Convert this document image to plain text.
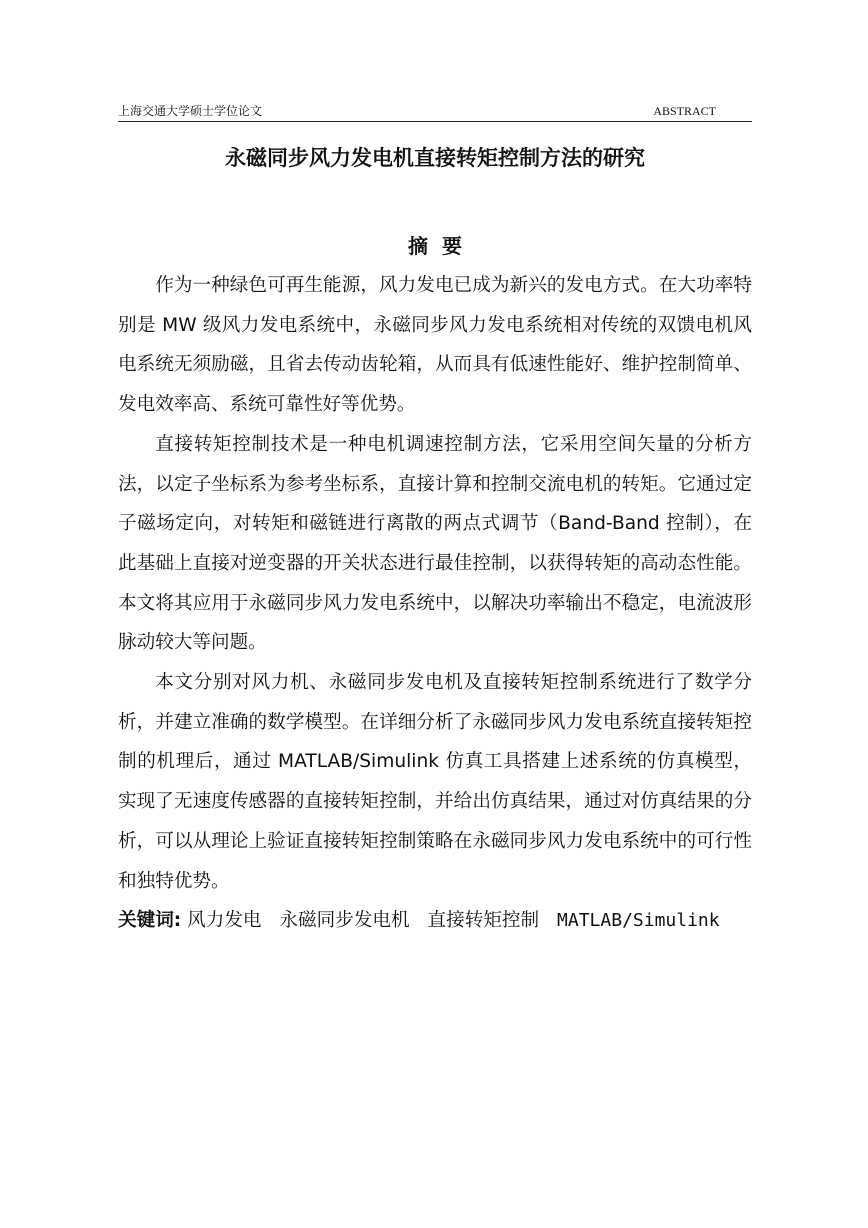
上海交通大学硕士学位论文	ABSTRACT
永磁同步风力发电机直接转矩控制方法的研究
摘要

作为一种绿色可再生能源，风力发电已成为新兴的发电方式。在大功率特别是 MW 级风力发电系统中，永磁同步风力发电系统相对传统的双馈电机风电系统无须励磁，且省去传动齿轮箱，从而具有低速性能好、维护控制简单、发电效率高、系统可靠性好等优势。

直接转矩控制技术是一种电机调速控制方法，它采用空间矢量的分析方法，以定子坐标系为参考坐标系，直接计算和控制交流电机的转矩。它通过定子磁场定向，对转矩和磁链进行离散的两点式调节（Band-Band 控制），在此基础上直接对逆变器的开关状态进行最佳控制，以获得转矩的高动态性能。本文将其应用于永磁同步风力发电系统中，以解决功率输出不稳定，电流波形脉动较大等问题。

本文分别对风力机、永磁同步发电机及直接转矩控制系统进行了数学分析，并建立准确的数学模型。在详细分析了永磁同步风力发电系统直接转矩控制的机理后，通过 MATLAB/Simulink 仿真工具搭建上述系统的仿真模型，实现了无速度传感器的直接转矩控制，并给出仿真结果，通过对仿真结果的分析，可以从理论上验证直接转矩控制策略在永磁同步风力发电系统中的可行性和独特优势。

关键词: 风力发电 永磁同步发电机 直接转矩控制 MATLAB/Simulink
